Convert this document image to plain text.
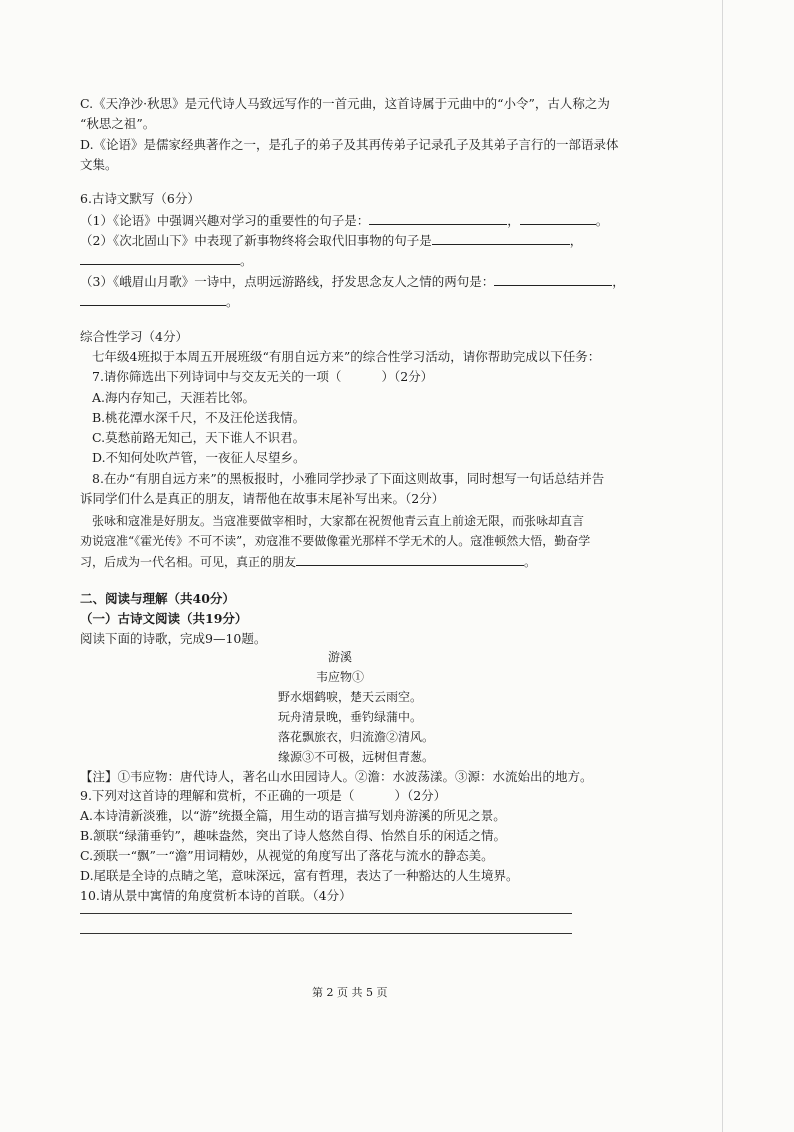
C.《天净沙·秋思》是元代诗人马致远写作的一首元曲，这首诗属于元曲中的“小令”，古人称之为
“秋思之祖”。
D.《论语》是儒家经典著作之一，是孔子的弟子及其再传弟子记录孔子及其弟子言行的一部语录体
文集。
6.古诗文默写（6分）
（1）《论语》中强调兴趣对学习的重要性的句子是：	，	。
（2）《次北固山下》中表现了新事物终将会取代旧事物的句子是	，
。
（3）《峨眉山月歌》一诗中，点明远游路线，抒发思念友人之情的两句是：	，
。
综合性学习（4分）
七年级4班拟于本周五开展班级“有朋自远方来”的综合性学习活动，请你帮助完成以下任务：
7.请你筛选出下列诗词中与交友无关的一项（	）（2分）
A.海内存知己，天涯若比邻。
B.桃花潭水深千尺，不及汪伦送我情。
C.莫愁前路无知己，天下谁人不识君。
D.不知何处吹芦管，一夜征人尽望乡。
8.在办“有朋自远方来”的黑板报时，小雅同学抄录了下面这则故事，同时想写一句话总结并告
诉同学们什么是真正的朋友，请帮他在故事末尾补写出来。（2分）
张咏和寇准是好朋友。当寇准要做宰相时，大家都在祝贺他青云直上前途无限，而张咏却直言
劝说寇准“《霍光传》不可不读”，劝寇准不要做像霍光那样不学无术的人。寇准顿然大悟，勤奋学
习，后成为一代名相。可见，真正的朋友	。
二、阅读与理解（共40分）
（一）古诗文阅读（共19分）
阅读下面的诗歌，完成9—10题。
游溪
韦应物①
野水烟鹤唳，楚天云雨空。
玩舟清景晚，垂钓绿蒲中。
落花飘旅衣，归流澹②清风。
缘源③不可极，远树但青葱。
【注】①韦应物：唐代诗人，著名山水田园诗人。②澹：水波荡漾。③源：水流始出的地方。
9.下列对这首诗的理解和赏析，不正确的一项是（	）（2分）
A.本诗清新淡雅，以“游”统摄全篇，用生动的语言描写划舟游溪的所见之景。
B.颔联“绿蒲垂钓”，趣味盎然，突出了诗人悠然自得、怡然自乐的闲适之情。
C.颈联一“飘”一“澹”用词精妙，从视觉的角度写出了落花与流水的静态美。
D.尾联是全诗的点睛之笔，意味深远，富有哲理，表达了一种豁达的人生境界。
10.请从景中寓情的角度赏析本诗的首联。（4分）
第 2 页 共 5 页
